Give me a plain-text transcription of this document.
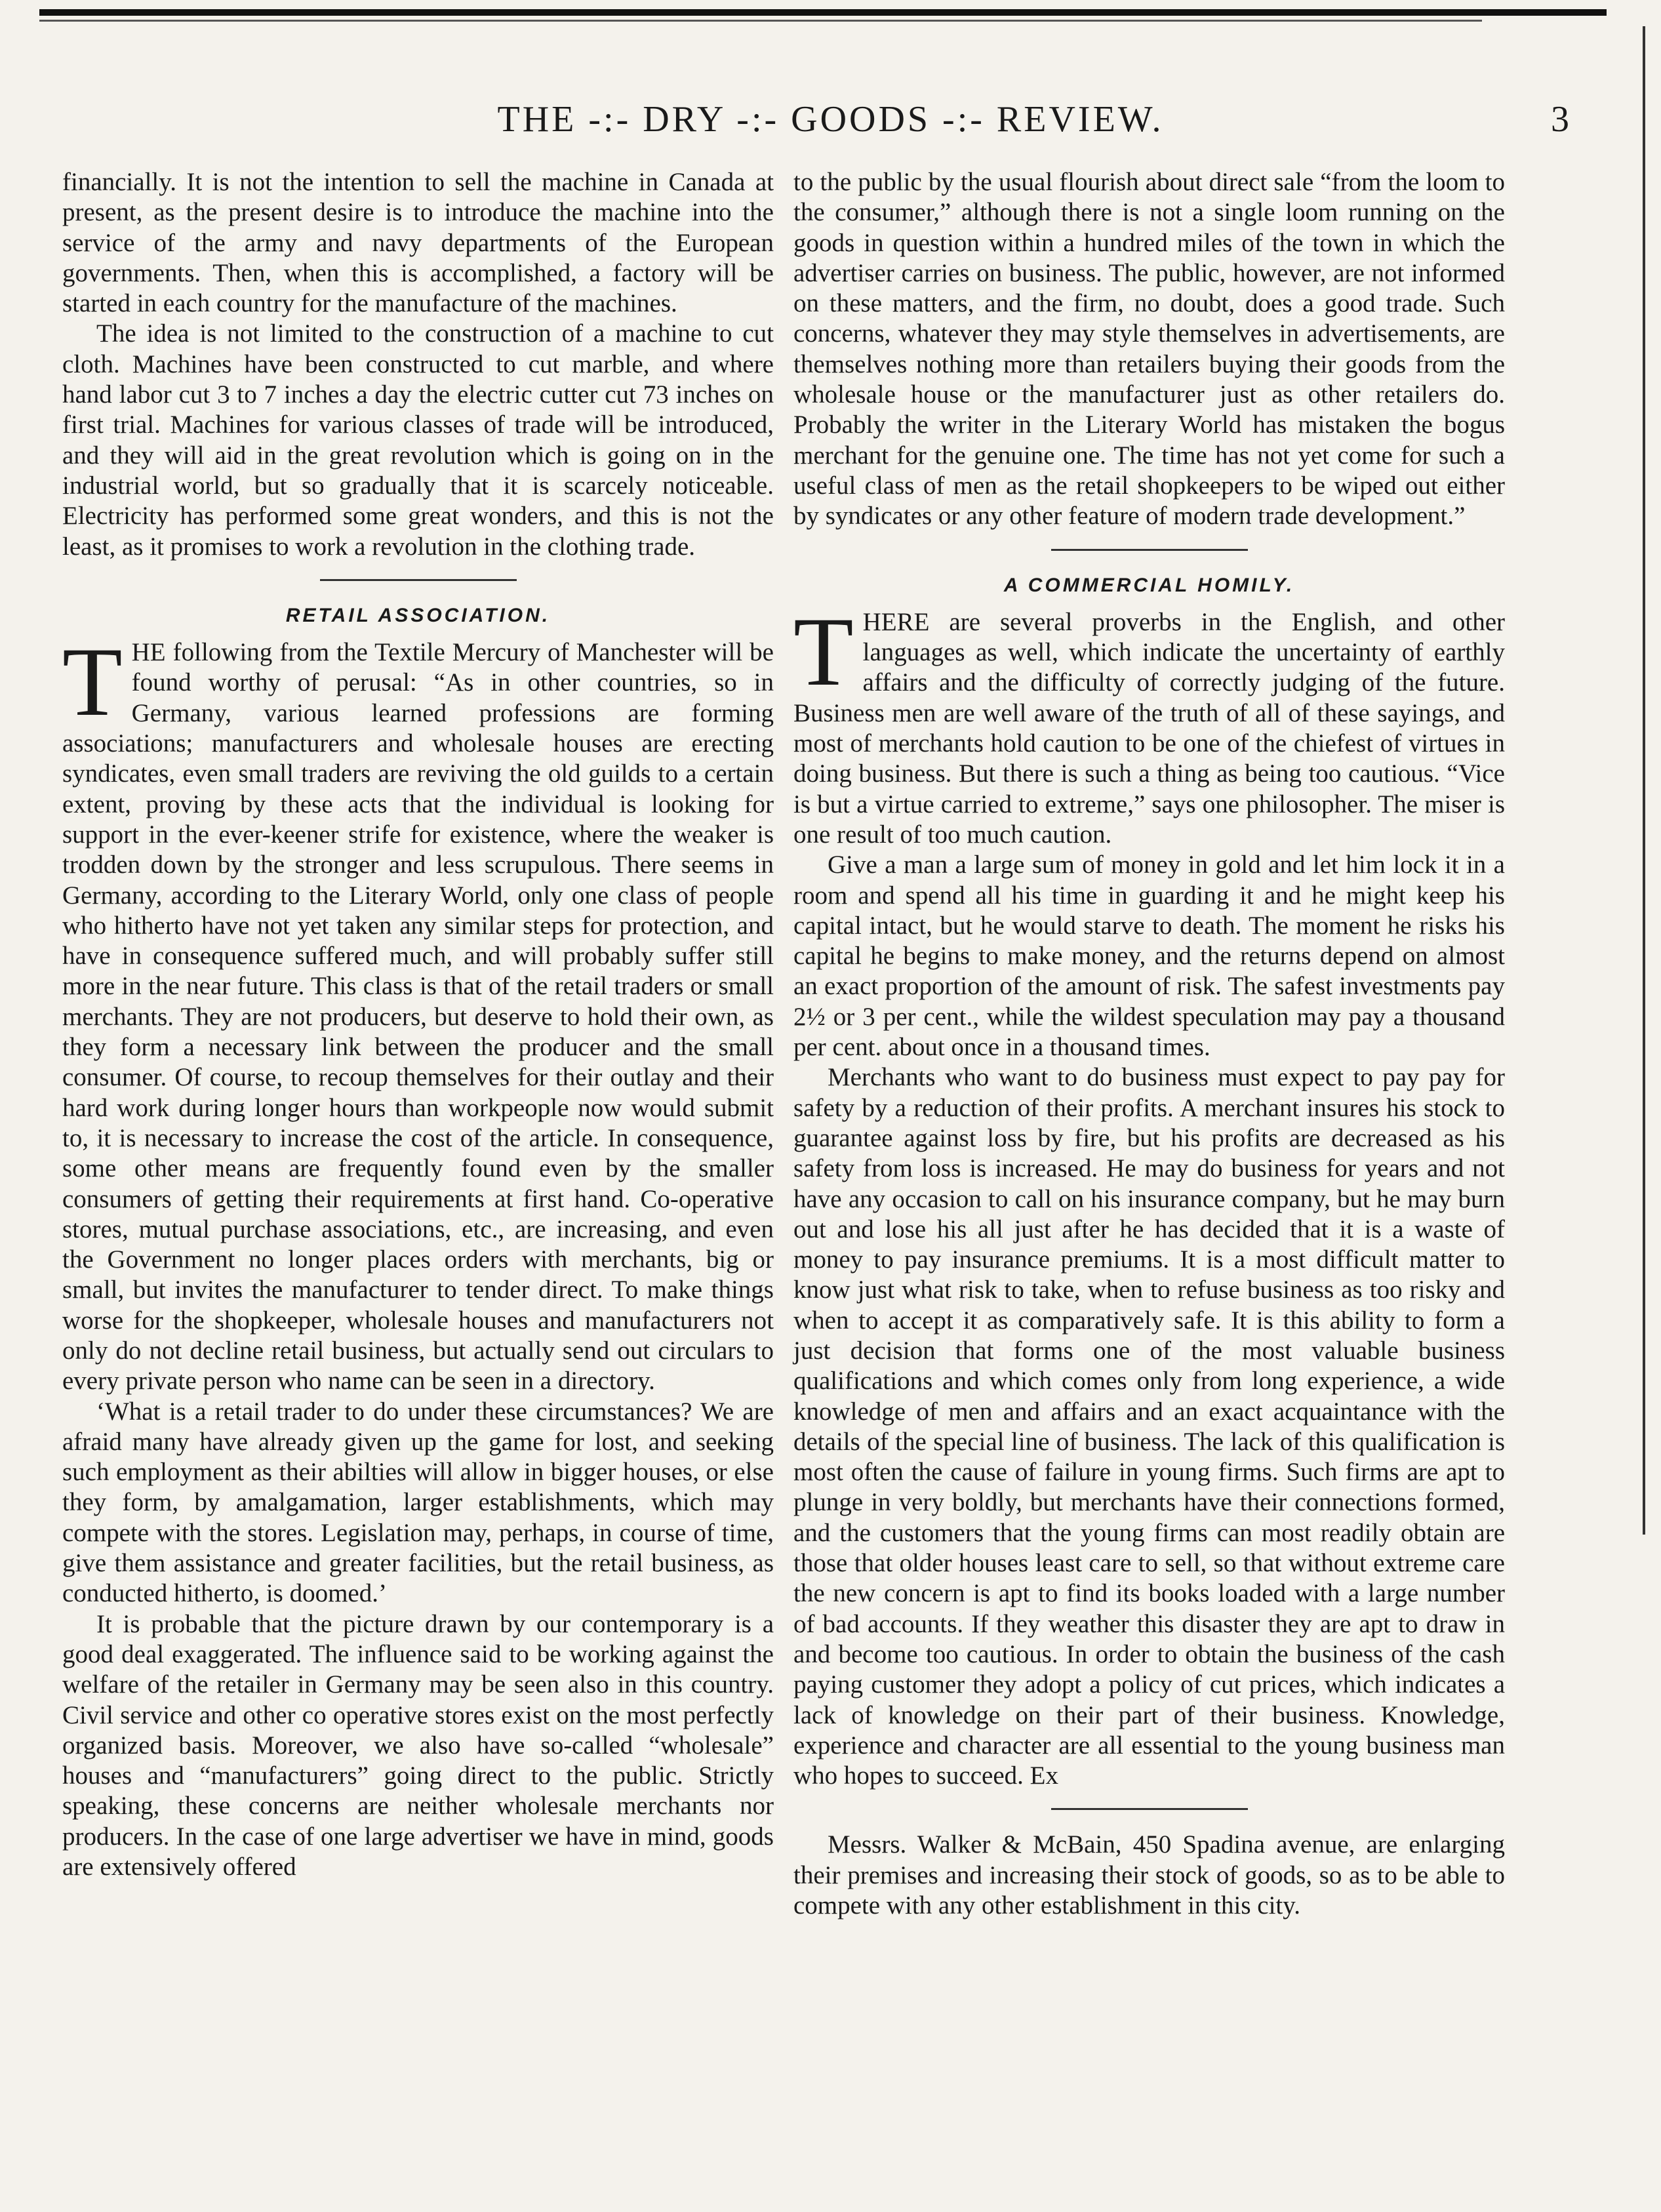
THE -:- DRY -:- GOODS -:- REVIEW.	3

financially. It is not the intention to sell the machine in Canada at present, as the present desire is to introduce the machine into the service of the army and navy departments of the European governments. Then, when this is accomplished, a factory will be started in each country for the manufacture of the machines.

The idea is not limited to the construction of a machine to cut cloth. Machines have been constructed to cut marble, and where hand labor cut 3 to 7 inches a day the electric cutter cut 73 inches on first trial. Machines for various classes of trade will be introduced, and they will aid in the great revolution which is going on in the industrial world, but so gradually that it is scarcely noticeable. Electricity has performed some great wonders, and this is not the least, as it promises to work a revolution in the clothing trade.

RETAIL ASSOCIATION.

THE following from the Textile Mercury of Manchester will be found worthy of perusal: “As in other countries, so in Germany, various learned professions are forming associations; manufacturers and wholesale houses are erecting syndicates, even small traders are reviving the old guilds to a certain extent, proving by these acts that the individual is looking for support in the ever-keener strife for existence, where the weaker is trodden down by the stronger and less scrupulous. There seems in Germany, according to the Literary World, only one class of people who hitherto have not yet taken any similar steps for protection, and have in consequence suffered much, and will probably suffer still more in the near future. This class is that of the retail traders or small merchants. They are not producers, but deserve to hold their own, as they form a necessary link between the producer and the small consumer. Of course, to recoup themselves for their outlay and their hard work during longer hours than workpeople now would submit to, it is necessary to increase the cost of the article. In consequence, some other means are frequently found even by the smaller consumers of getting their requirements at first hand. Co-operative stores, mutual purchase associations, etc., are increasing, and even the Government no longer places orders with merchants, big or small, but invites the manufacturer to tender direct. To make things worse for the shopkeeper, wholesale houses and manufacturers not only do not decline retail business, but actually send out circulars to every private person who name can be seen in a directory.

‘What is a retail trader to do under these circumstances? We are afraid many have already given up the game for lost, and seeking such employment as their abilties will allow in bigger houses, or else they form, by amalgamation, larger establishments, which may compete with the stores. Legislation may, perhaps, in course of time, give them assistance and greater facilities, but the retail business, as conducted hitherto, is doomed.’

It is probable that the picture drawn by our contemporary is a good deal exaggerated. The influence said to be working against the welfare of the retailer in Germany may be seen also in this country. Civil service and other co operative stores exist on the most perfectly organized basis. Moreover, we also have so-called “wholesale” houses and “manufacturers” going direct to the public. Strictly speaking, these concerns are neither wholesale merchants nor producers. In the case of one large advertiser we have in mind, goods are extensively offered

to the public by the usual flourish about direct sale “from the loom to the consumer,” although there is not a single loom running on the goods in question within a hundred miles of the town in which the advertiser carries on business. The public, however, are not informed on these matters, and the firm, no doubt, does a good trade. Such concerns, whatever they may style themselves in advertisements, are themselves nothing more than retailers buying their goods from the wholesale house or the manufacturer just as other retailers do. Probably the writer in the Literary World has mistaken the bogus merchant for the genuine one. The time has not yet come for such a useful class of men as the retail shopkeepers to be wiped out either by syndicates or any other feature of modern trade development.”

A COMMERCIAL HOMILY.

THERE are several proverbs in the English, and other languages as well, which indicate the uncertainty of earthly affairs and the difficulty of correctly judging of the future. Business men are well aware of the truth of all of these sayings, and most of merchants hold caution to be one of the chiefest of virtues in doing business. But there is such a thing as being too cautious. “Vice is but a virtue carried to extreme,” says one philosopher. The miser is one result of too much caution.

Give a man a large sum of money in gold and let him lock it in a room and spend all his time in guarding it and he might keep his capital intact, but he would starve to death. The moment he risks his capital he begins to make money, and the returns depend on almost an exact proportion of the amount of risk. The safest investments pay 2½ or 3 per cent., while the wildest speculation may pay a thousand per cent. about once in a thousand times.

Merchants who want to do business must expect to pay pay for safety by a reduction of their profits. A merchant insures his stock to guarantee against loss by fire, but his profits are decreased as his safety from loss is increased. He may do business for years and not have any occasion to call on his insurance company, but he may burn out and lose his all just after he has decided that it is a waste of money to pay insurance premiums. It is a most difficult matter to know just what risk to take, when to refuse business as too risky and when to accept it as comparatively safe. It is this ability to form a just decision that forms one of the most valuable business qualifications and which comes only from long experience, a wide knowledge of men and affairs and an exact acquaintance with the details of the special line of business. The lack of this qualification is most often the cause of failure in young firms. Such firms are apt to plunge in very boldly, but merchants have their connections formed, and the customers that the young firms can most readily obtain are those that older houses least care to sell, so that without extreme care the new concern is apt to find its books loaded with a large number of bad accounts. If they weather this disaster they are apt to draw in and become too cautious. In order to obtain the business of the cash paying customer they adopt a policy of cut prices, which indicates a lack of knowledge on their part of their business. Knowledge, experience and character are all essential to the young business man who hopes to succeed. Ex

Messrs. Walker & McBain, 450 Spadina avenue, are enlarging their premises and increasing their stock of goods, so as to be able to compete with any other establishment in this city.
